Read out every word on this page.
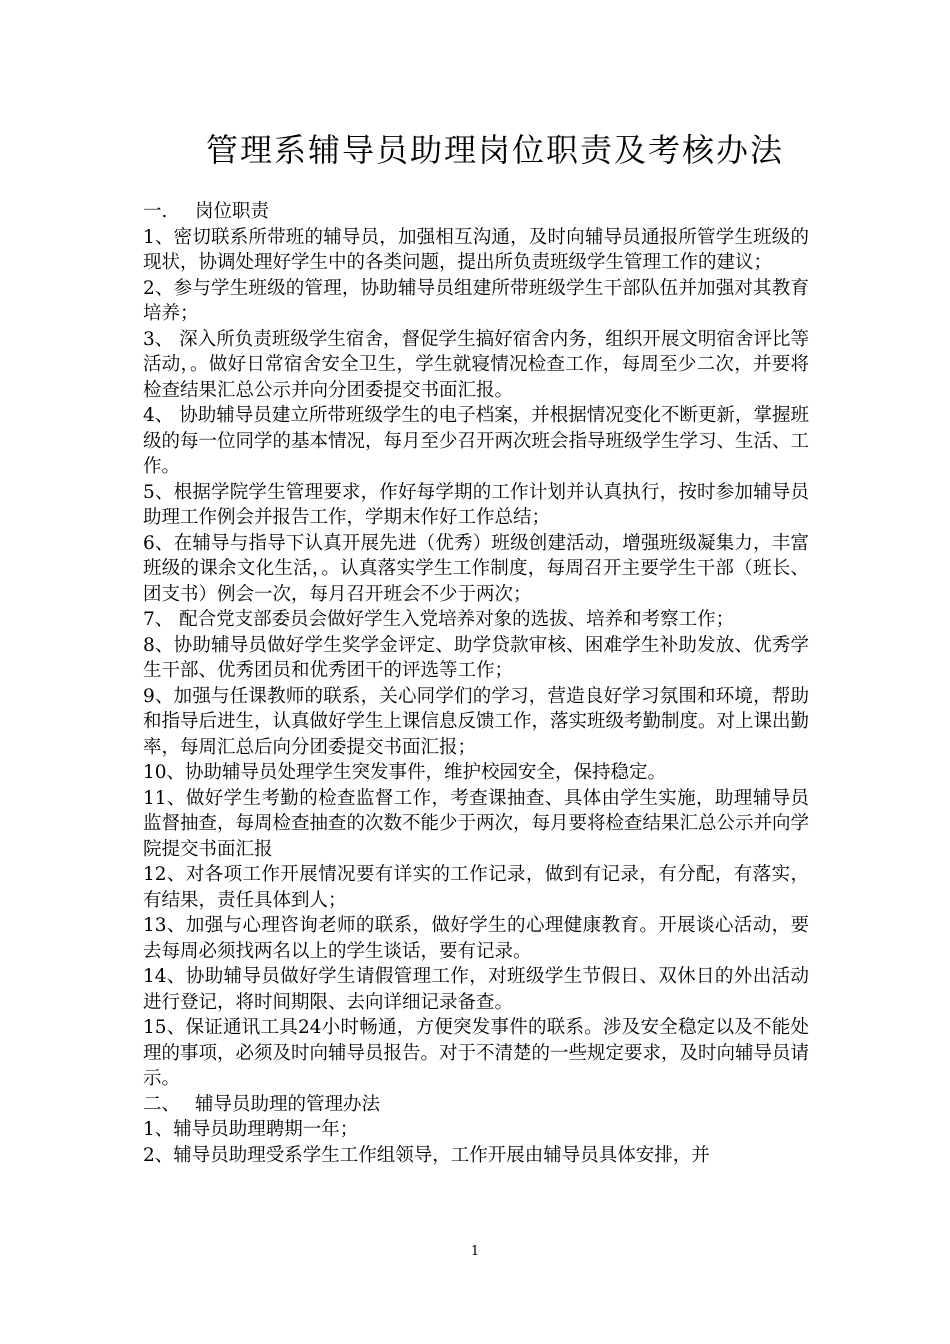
管理系辅导员助理岗位职责及考核办法

一. 岗位职责

1、密切联系所带班的辅导员，加强相互沟通，及时向辅导员通报所管学生班级的现状，协调处理好学生中的各类问题，提出所负责班级学生管理工作的建议；

2、参与学生班级的管理，协助辅导员组建所带班级学生干部队伍并加强对其教育培养；

3、 深入所负责班级学生宿舍，督促学生搞好宿舍内务，组织开展文明宿舍评比等活动，。做好日常宿舍安全卫生，学生就寝情况检查工作，每周至少二次，并要将检查结果汇总公示并向分团委提交书面汇报。

4、 协助辅导员建立所带班级学生的电子档案，并根据情况变化不断更新，掌握班级的每一位同学的基本情况，每月至少召开两次班会指导班级学生学习、生活、工作。

5、根据学院学生管理要求，作好每学期的工作计划并认真执行，按时参加辅导员助理工作例会并报告工作，学期末作好工作总结；

6、在辅导与指导下认真开展先进（优秀）班级创建活动，增强班级凝集力，丰富班级的课余文化生活，。认真落实学生工作制度，每周召开主要学生干部（班长、团支书）例会一次，每月召开班会不少于两次；

7、 配合党支部委员会做好学生入党培养对象的选拔、培养和考察工作；

8、协助辅导员做好学生奖学金评定、助学贷款审核、困难学生补助发放、优秀学生干部、优秀团员和优秀团干的评选等工作；

9、加强与任课教师的联系，关心同学们的学习，营造良好学习氛围和环境，帮助和指导后进生，认真做好学生上课信息反馈工作，落实班级考勤制度。对上课出勤率，每周汇总后向分团委提交书面汇报；

10、协助辅导员处理学生突发事件，维护校园安全，保持稳定。

11、做好学生考勤的检查监督工作，考查课抽查、具体由学生实施，助理辅导员监督抽查，每周检查抽查的次数不能少于两次，每月要将检查结果汇总公示并向学院提交书面汇报

12、对各项工作开展情况要有详实的工作记录，做到有记录，有分配，有落实，有结果，责任具体到人；

13、加强与心理咨询老师的联系，做好学生的心理健康教育。开展谈心活动，要去每周必须找两名以上的学生谈话，要有记录。

14、协助辅导员做好学生请假管理工作，对班级学生节假日、双休日的外出活动进行登记，将时间期限、去向详细记录备查。

15、保证通讯工具24小时畅通，方便突发事件的联系。涉及安全稳定以及不能处理的事项，必须及时向辅导员报告。对于不清楚的一些规定要求，及时向辅导员请示。

二、 辅导员助理的管理办法

1、辅导员助理聘期一年；

2、辅导员助理受系学生工作组领导，工作开展由辅导员具体安排，并

1
